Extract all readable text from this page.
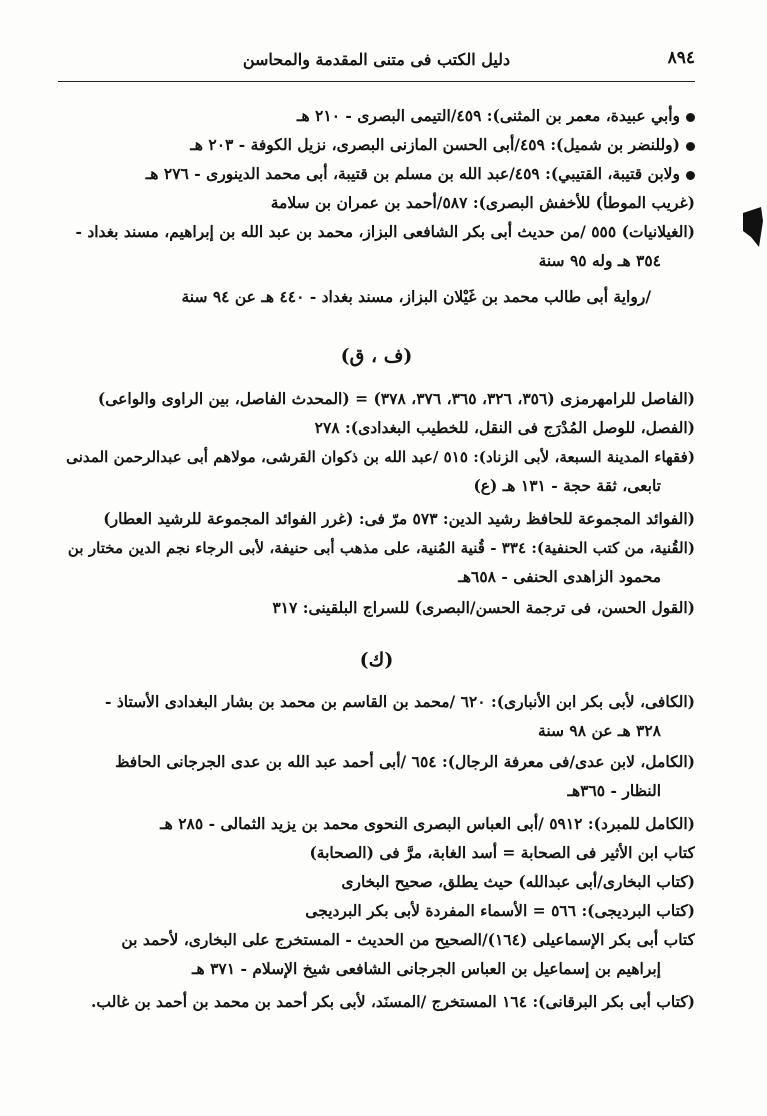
٨٩٤
دليل الكتب فى متنى المقدمة والمحاسن
وأبي عبيدة، معمر بن المثنى): ٤٥٩/التيمى البصرى - ٢١٠ هـ
(وللنضر بن شميل): ٤٥٩/أبى الحسن المازنى البصرى، نزيل الكوفة - ٢٠٣ هـ
ولابن قتيبة، القتيبي): ٤٥٩/عبد الله بن مسلم بن قتيبة، أبى محمد الدينورى - ٢٧٦ هـ
(غريب الموطأ) للأخفش البصرى): ٥٨٧/أحمد بن عمران بن سلامة
(الغيلانيات) ٥٥٥ /من حديث أبى بكر الشافعى البزاز، محمد بن عبد الله بن إبراهيم، مسند بغداد -
٣٥٤ هـ وله ٩٥ سنة
/رواية أبى طالب محمد بن غَيْلان البزاز، مسند بغداد - ٤٤٠ هـ عن ٩٤ سنة
(ف ، ق)
(الفاصل للرامهرمزى (٣٥٦، ٣٢٦، ٣٦٥، ٣٧٦، ٣٧٨) = (المحدث الفاصل، بين الراوى والواعى)
(الفصل، للوصل المُدْرَج فى النقل، للخطيب البغدادى): ٢٧٨
(فقهاء المدينة السبعة، لأبى الزناد): ٥١٥ /عبد الله بن ذكوان القرشى، مولاهم أبى عبدالرحمن المدنى
تابعى، ثقة حجة - ١٣١ هـ (ع)
(الفوائد المجموعة للحافظ رشيد الدين: ٥٧٣ مرّ فى: (غرر الفوائد المجموعة للرشيد العطار)
(القُنية، من كتب الحنفية): ٣٣٤ - قُنية المُنية، على مذهب أبى حنيفة، لأبى الرجاء نجم الدين مختار بن
محمود الزاهدى الحنفى - ٦٥٨هـ
(القول الحسن، فى ترجمة الحسن/البصرى) للسراج البلقينى: ٣١٧
(ك)
(الكافى، لأبى بكر ابن الأنبارى): ٦٢٠ /محمد بن القاسم بن محمد بن بشار البغدادى الأستاذ -
٣٢٨ هـ عن ٩٨ سنة
(الكامل، لابن عدى/فى معرفة الرجال): ٦٥٤ /أبى أحمد عبد الله بن عدى الجرجانى الحافظ
النظار - ٣٦٥هـ
(الكامل للمبرد): ٥٩١٢ /أبى العباس البصرى النحوى محمد بن يزيد الثمالى - ٢٨٥ هـ
كتاب ابن الأثير فى الصحابة = أسد الغابة، مرَّ فى (الصحابة)
(كتاب البخارى/أبى عبدالله) حيث يطلق، صحيح البخارى
(كتاب البرديجى): ٥٦٦ = الأسماء المفردة لأبى بكر البرديجى
كتاب أبى بكر الإسماعيلى (١٦٤)/الصحيح من الحديث - المستخرج على البخارى، لأحمد بن
إبراهيم بن إسماعيل بن العباس الجرجانى الشافعى شيخ الإسلام - ٣٧١ هـ
(كتاب أبى بكر البرقانى): ١٦٤ المستخرج /المسنَد، لأبى بكر أحمد بن محمد بن أحمد بن غالب.
